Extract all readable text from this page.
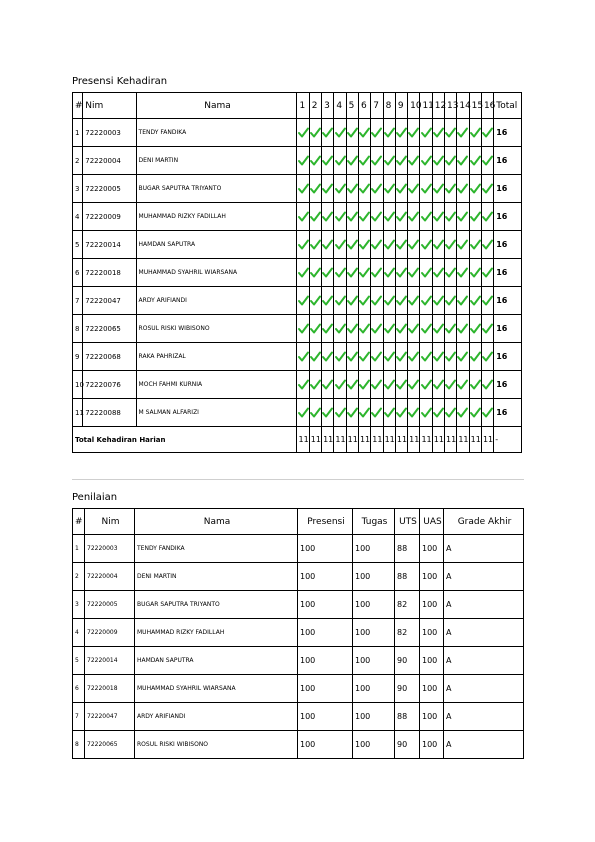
Presensi Kehadiran
#	Nim	Nama	1	2	3	4	5	6	7	8	9	10	11	12	13	14	15	16	Total
1	72220003	TENDY FANDIKA																	16
2	72220004	DENI MARTIN																	16
3	72220005	BUGAR SAPUTRA TRIYANTO																	16
4	72220009	MUHAMMAD RIZKY FADILLAH																	16
5	72220014	HAMDAN SAPUTRA																	16
6	72220018	MUHAMMAD SYAHRIL WIARSANA																	16
7	72220047	ARDY ARIFIANDI																	16
8	72220065	ROSUL RISKI WIBISONO																	16
9	72220068	RAKA PAHRIZAL																	16
10	72220076	MOCH FAHMI KURNIA																	16
11	72220088	M SALMAN ALFARIZI																	16
Total Kehadiran Harian			11	11	11	11	11	11	11	11	11	11	11	11	11	11	11	11	-
Penilaian
#	Nim	Nama	Presensi	Tugas	UTS	UAS	Grade Akhir
1	72220003	TENDY FANDIKA	100	100	88	100	A
2	72220004	DENI MARTIN	100	100	88	100	A
3	72220005	BUGAR SAPUTRA TRIYANTO	100	100	82	100	A
4	72220009	MUHAMMAD RIZKY FADILLAH	100	100	82	100	A
5	72220014	HAMDAN SAPUTRA	100	100	90	100	A
6	72220018	MUHAMMAD SYAHRIL WIARSANA	100	100	90	100	A
7	72220047	ARDY ARIFIANDI	100	100	88	100	A
8	72220065	ROSUL RISKI WIBISONO	100	100	90	100	A
